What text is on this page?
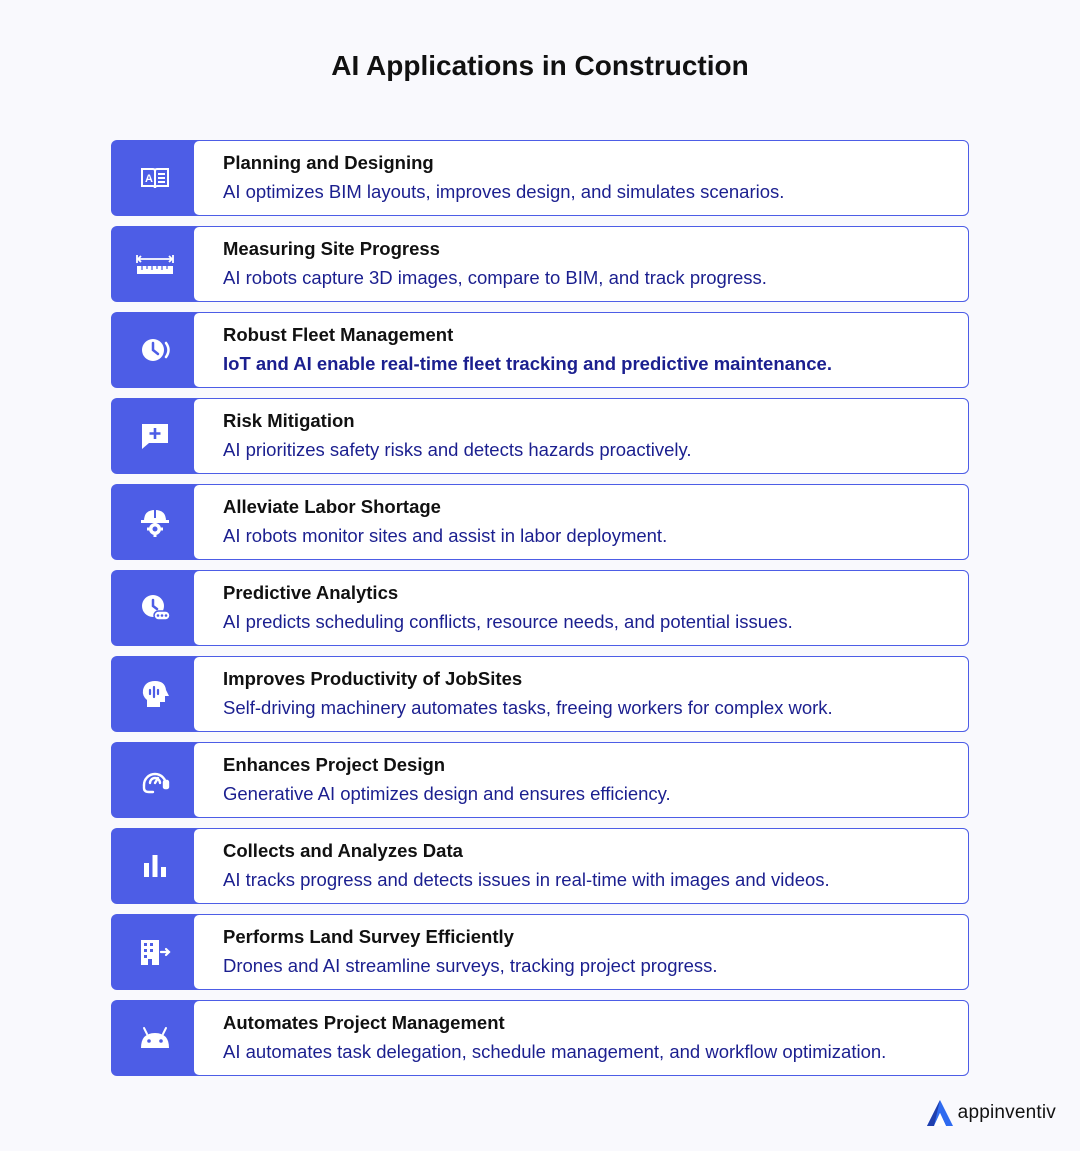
AI Applications in Construction
A
Planning and Designing
AI optimizes BIM layouts, improves design, and simulates scenarios.
Measuring Site Progress
AI robots capture 3D images, compare to BIM, and track progress.
Robust Fleet Management
IoT and AI enable real-time fleet tracking and predictive maintenance.
Risk Mitigation
AI prioritizes safety risks and detects hazards proactively.
Alleviate Labor Shortage
AI robots monitor sites and assist in labor deployment.
Predictive Analytics
AI predicts scheduling conflicts, resource needs, and potential issues.
Improves Productivity of JobSites
Self-driving machinery automates tasks, freeing workers for complex work.
Enhances Project Design
Generative AI optimizes design and ensures efficiency.
Collects and Analyzes Data
AI tracks progress and detects issues in real-time with images and videos.
Performs Land Survey Efficiently
Drones and AI streamline surveys, tracking project progress.
Automates Project Management
AI automates task delegation, schedule management, and workflow optimization.
appinventiv
